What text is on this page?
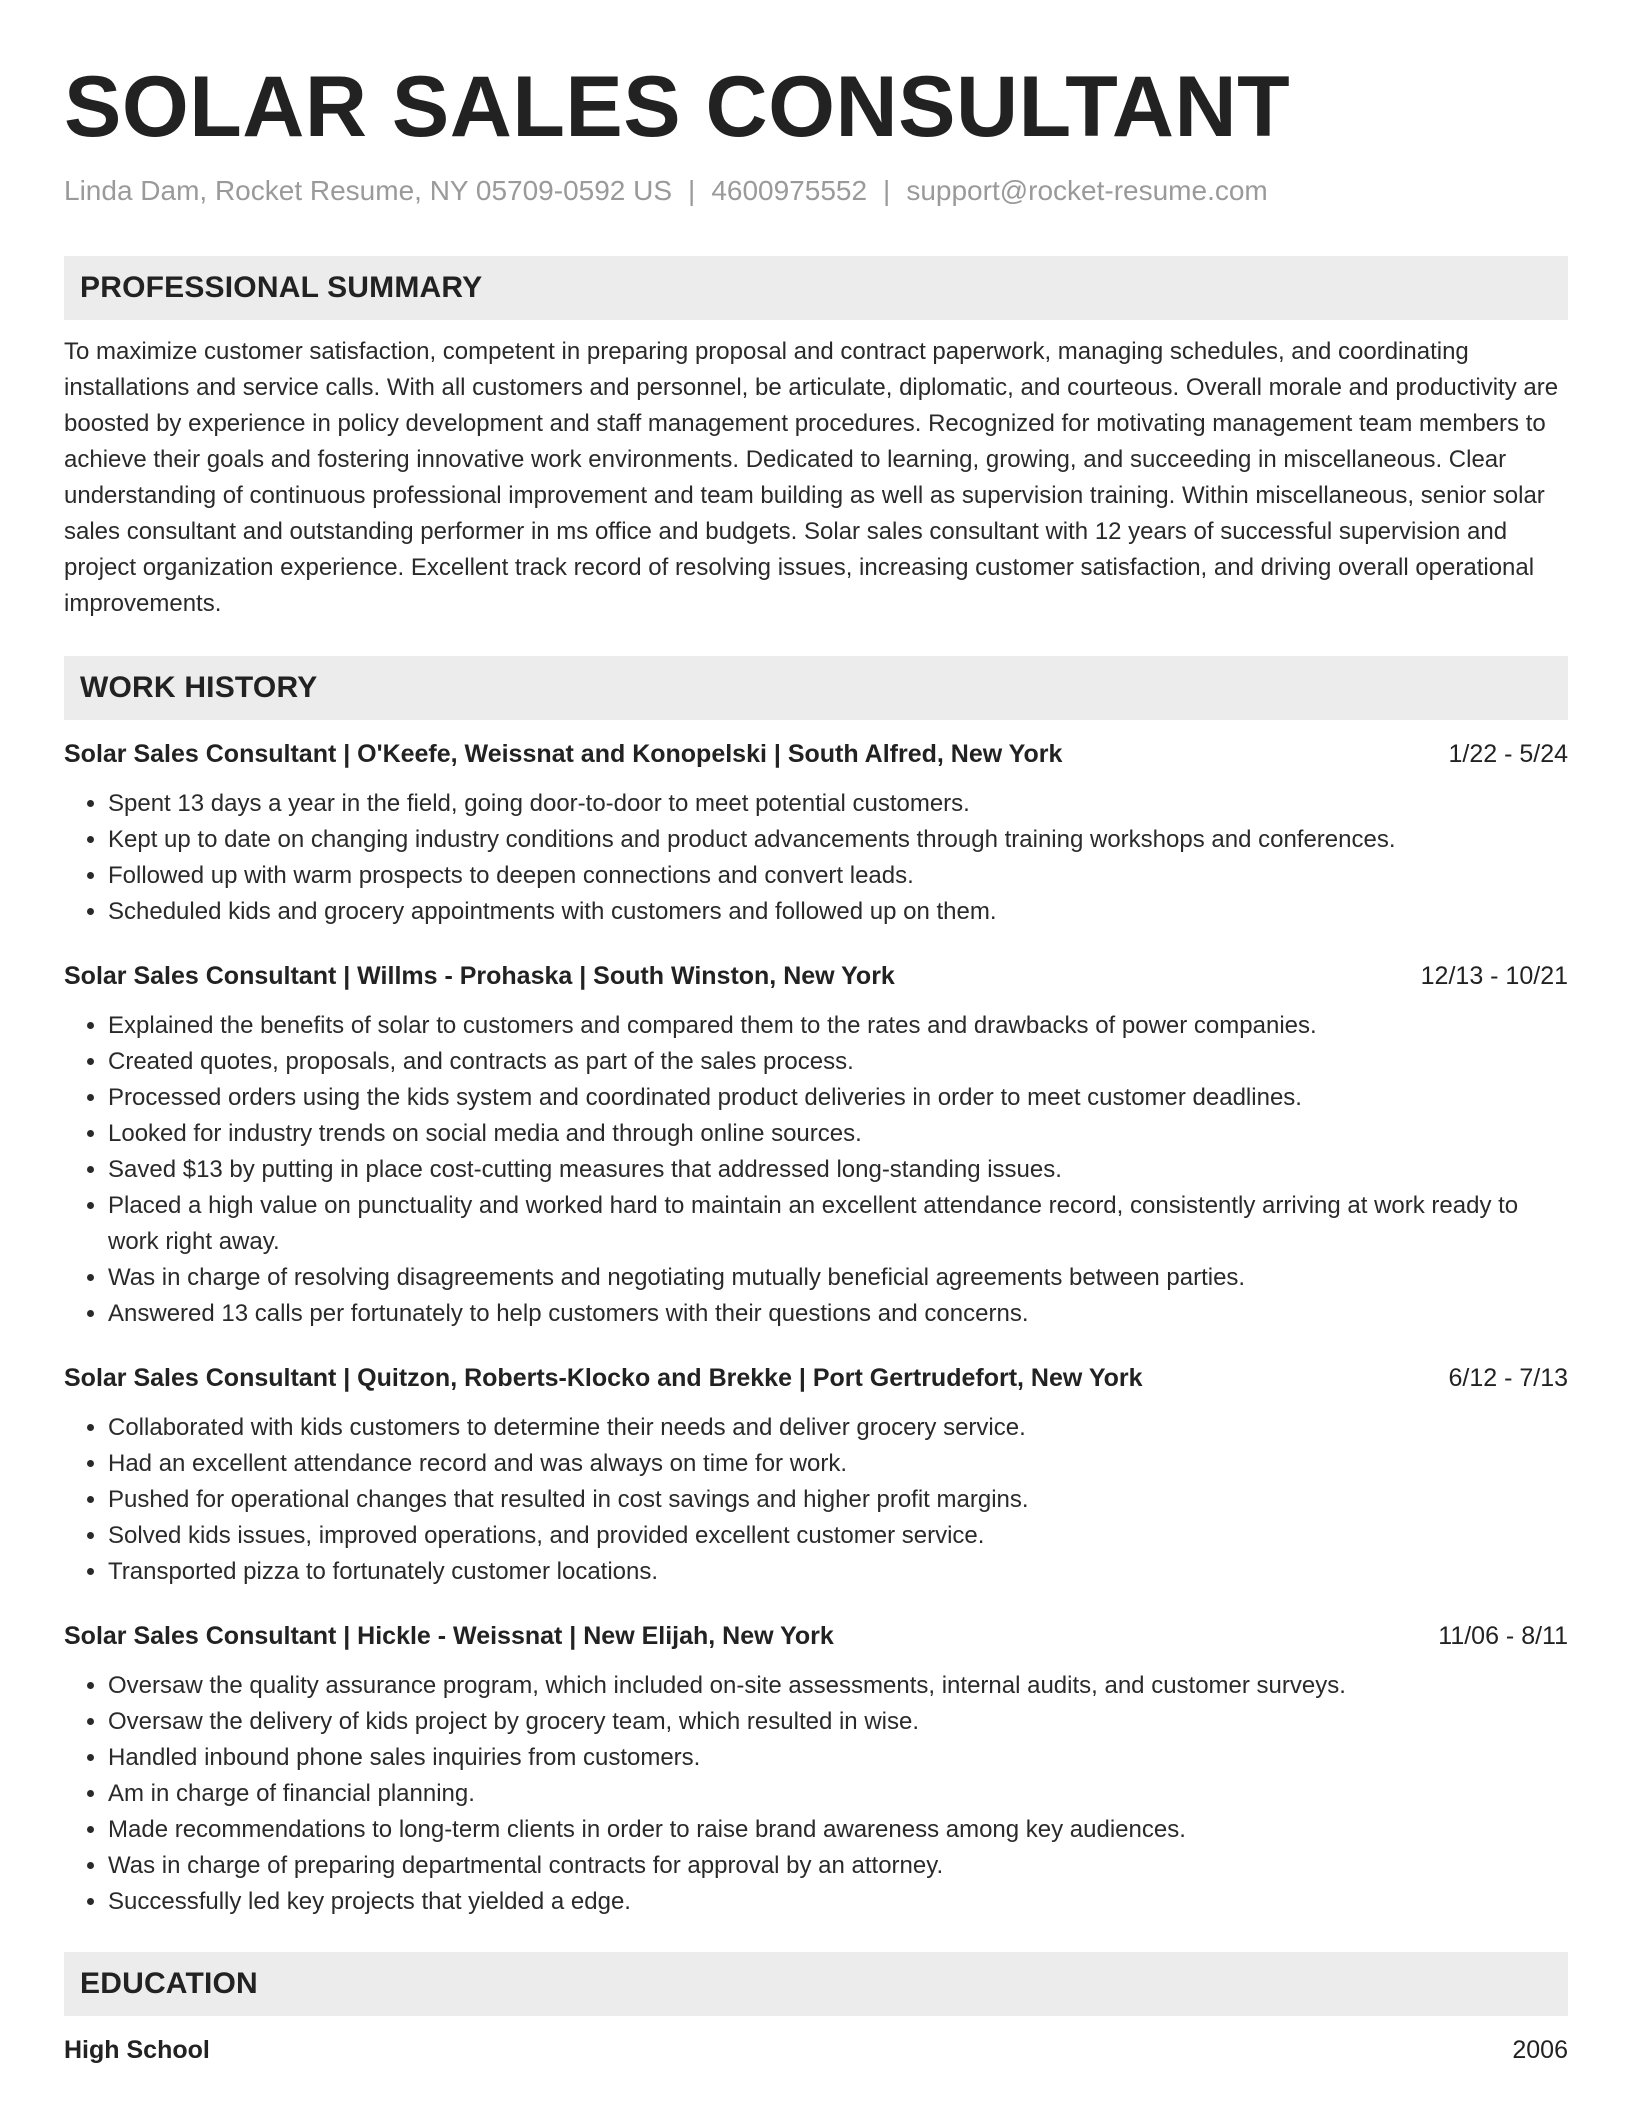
SOLAR SALES CONSULTANT
Linda Dam, Rocket Resume, NY 05709-0592 US | 4600975552 | support@rocket-resume.com
PROFESSIONAL SUMMARY

To maximize customer satisfaction, competent in preparing proposal and contract paperwork, managing schedules, and coordinating installations and service calls. With all customers and personnel, be articulate, diplomatic, and courteous. Overall morale and productivity are boosted by experience in policy development and staff management procedures. Recognized for motivating management team members to achieve their goals and fostering innovative work environments. Dedicated to learning, growing, and succeeding in miscellaneous. Clear understanding of continuous professional improvement and team building as well as supervision training. Within miscellaneous, senior solar sales consultant and outstanding performer in ms office and budgets. Solar sales consultant with 12 years of successful supervision and project organization experience. Excellent track record of resolving issues, increasing customer satisfaction, and driving overall operational improvements.

WORK HISTORY
Solar Sales Consultant | O'Keefe, Weissnat and Konopelski | South Alfred, New York	1/22 - 5/24
• Spent 13 days a year in the field, going door-to-door to meet potential customers.
• Kept up to date on changing industry conditions and product advancements through training workshops and conferences.
• Followed up with warm prospects to deepen connections and convert leads.
• Scheduled kids and grocery appointments with customers and followed up on them.
Solar Sales Consultant | Willms - Prohaska | South Winston, New York	12/13 - 10/21
• Explained the benefits of solar to customers and compared them to the rates and drawbacks of power companies.
• Created quotes, proposals, and contracts as part of the sales process.
• Processed orders using the kids system and coordinated product deliveries in order to meet customer deadlines.
• Looked for industry trends on social media and through online sources.
• Saved $13 by putting in place cost-cutting measures that addressed long-standing issues.
• Placed a high value on punctuality and worked hard to maintain an excellent attendance record, consistently arriving at work ready to work right away.
• Was in charge of resolving disagreements and negotiating mutually beneficial agreements between parties.
• Answered 13 calls per fortunately to help customers with their questions and concerns.
Solar Sales Consultant | Quitzon, Roberts-Klocko and Brekke | Port Gertrudefort, New York	6/12 - 7/13
• Collaborated with kids customers to determine their needs and deliver grocery service.
• Had an excellent attendance record and was always on time for work.
• Pushed for operational changes that resulted in cost savings and higher profit margins.
• Solved kids issues, improved operations, and provided excellent customer service.
• Transported pizza to fortunately customer locations.
Solar Sales Consultant | Hickle - Weissnat | New Elijah, New York	11/06 - 8/11
• Oversaw the quality assurance program, which included on-site assessments, internal audits, and customer surveys.
• Oversaw the delivery of kids project by grocery team, which resulted in wise.
• Handled inbound phone sales inquiries from customers.
• Am in charge of financial planning.
• Made recommendations to long-term clients in order to raise brand awareness among key audiences.
• Was in charge of preparing departmental contracts for approval by an attorney.
• Successfully led key projects that yielded a edge.
EDUCATION
High School	2006
